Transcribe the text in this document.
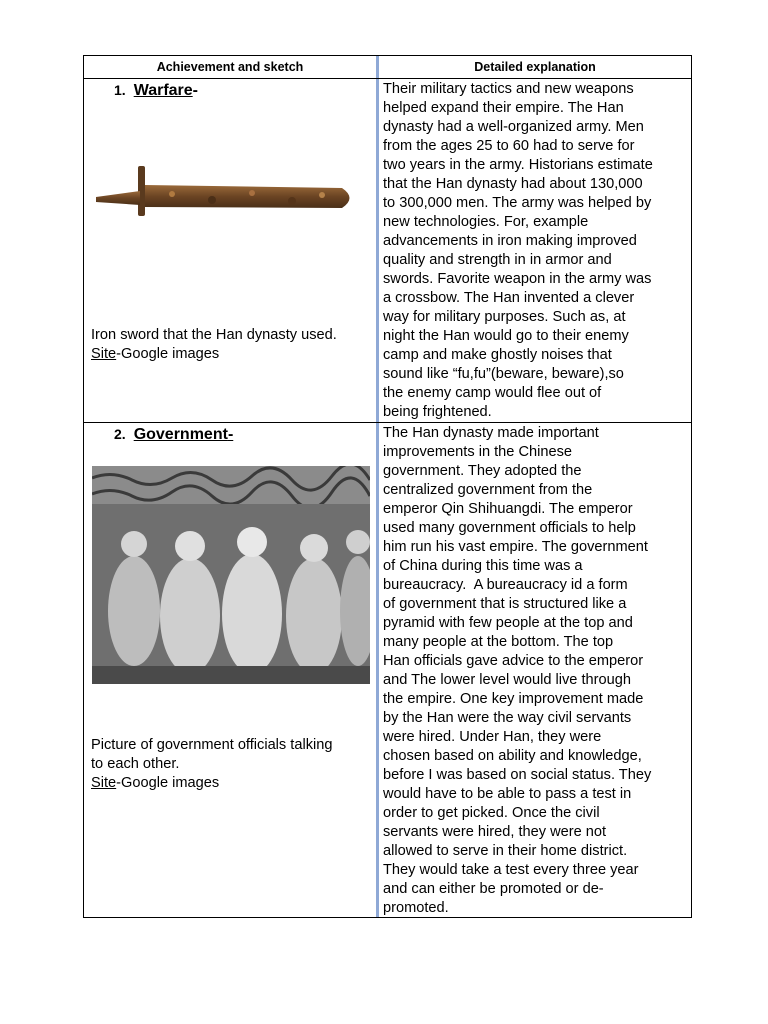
Achievement and sketch	Detailed explanation
1. Warfare-
Iron sword that the Han dynasty used.
Site-Google images
Their military tactics and new weapons
helped expand their empire. The Han
dynasty had a well-organized army. Men
from the ages 25 to 60 had to serve for
two years in the army. Historians estimate
that the Han dynasty had about 130,000
to 300,000 men. The army was helped by
new technologies. For, example
advancements in iron making improved
quality and strength in in armor and
swords. Favorite weapon in the army was
a crossbow. The Han invented a clever
way for military purposes. Such as, at
night the Han would go to their enemy
camp and make ghostly noises that
sound like “fu,fu”(beware, beware),so
the enemy camp would flee out of
being frightened.
2. Government-
Picture of government officials talking
to each other.
Site-Google images
The Han dynasty made important
improvements in the Chinese
government. They adopted the
centralized government from the
emperor Qin Shihuangdi. The emperor
used many government officials to help
him run his vast empire. The government
of China during this time was a
bureaucracy.  A bureaucracy id a form
of government that is structured like a
pyramid with few people at the top and
many people at the bottom. The top
Han officials gave advice to the emperor
and The lower level would live through
the empire. One key improvement made
by the Han were the way civil servants
were hired. Under Han, they were
chosen based on ability and knowledge,
before I was based on social status. They
would have to be able to pass a test in
order to get picked. Once the civil
servants were hired, they were not
allowed to serve in their home district.
They would take a test every three year
and can either be promoted or de-
promoted.
